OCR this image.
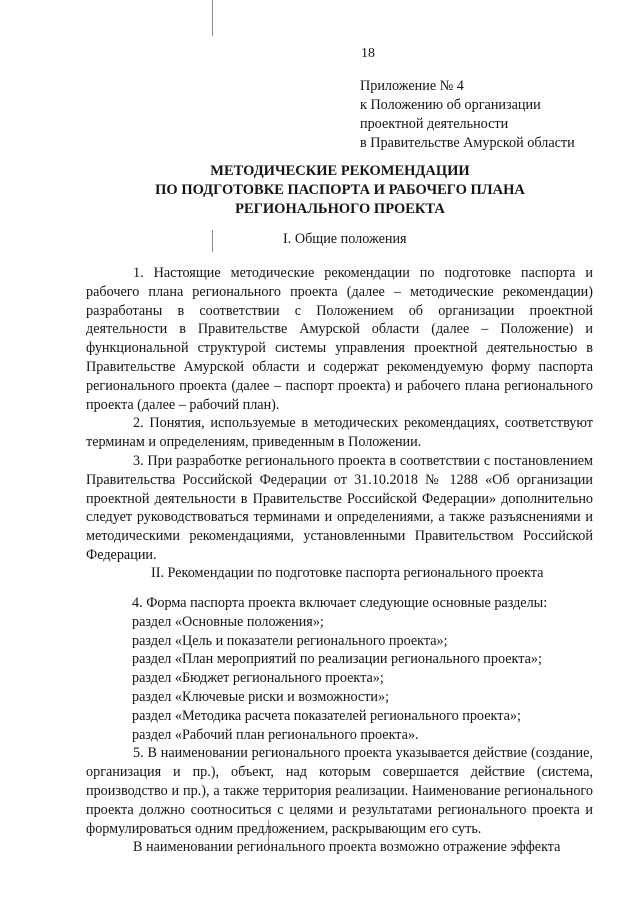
18
Приложение № 4
к Положению об организации
проектной деятельности
в Правительстве Амурской области
МЕТОДИЧЕСКИЕ РЕКОМЕНДАЦИИ
ПО ПОДГОТОВКЕ ПАСПОРТА И РАБОЧЕГО ПЛАНА
РЕГИОНАЛЬНОГО ПРОЕКТА
I. Общие положения

1. Настоящие методические рекомендации по подготовке паспорта и рабочего плана регионального проекта (далее – методические рекомендации) разработаны в соответствии с Положением об организации проектной деятельности в Правительстве Амурской области (далее – Положение) и функциональной структурой системы управления проектной деятельностью в Правительстве Амурской области и содержат рекомендуемую форму паспорта регионального проекта (далее – паспорт проекта) и рабочего плана регионального проекта (далее – рабочий план).

2. Понятия, используемые в методических рекомендациях, соответствуют терминам и определениям, приведенным в Положении.

3. При разработке регионального проекта в соответствии с постановлением Правительства Российской Федерации от 31.10.2018 № 1288 «Об организации проектной деятельности в Правительстве Российской Федерации» дополнительно следует руководствоваться терминами и определениями, а также разъяснениями и методическими рекомендациями, установленными Правительством Российской Федерации.

II. Рекомендации по подготовке паспорта регионального проекта

4. Форма паспорта проекта включает следующие основные разделы:

раздел «Основные положения»;

раздел «Цель и показатели регионального проекта»;

раздел «План мероприятий по реализации регионального проекта»;

раздел «Бюджет регионального проекта»;

раздел «Ключевые риски и возможности»;

раздел «Методика расчета показателей регионального проекта»;

раздел «Рабочий план регионального проекта».

5. В наименовании регионального проекта указывается действие (создание, организация и пр.), объект, над которым совершается действие (система, производство и пр.), а также территория реализации. Наименование регионального проекта должно соотноситься с целями и результатами регионального проекта и формулироваться одним предложением, раскрывающим его суть.

В наименовании регионального проекта возможно отражение эффекта
